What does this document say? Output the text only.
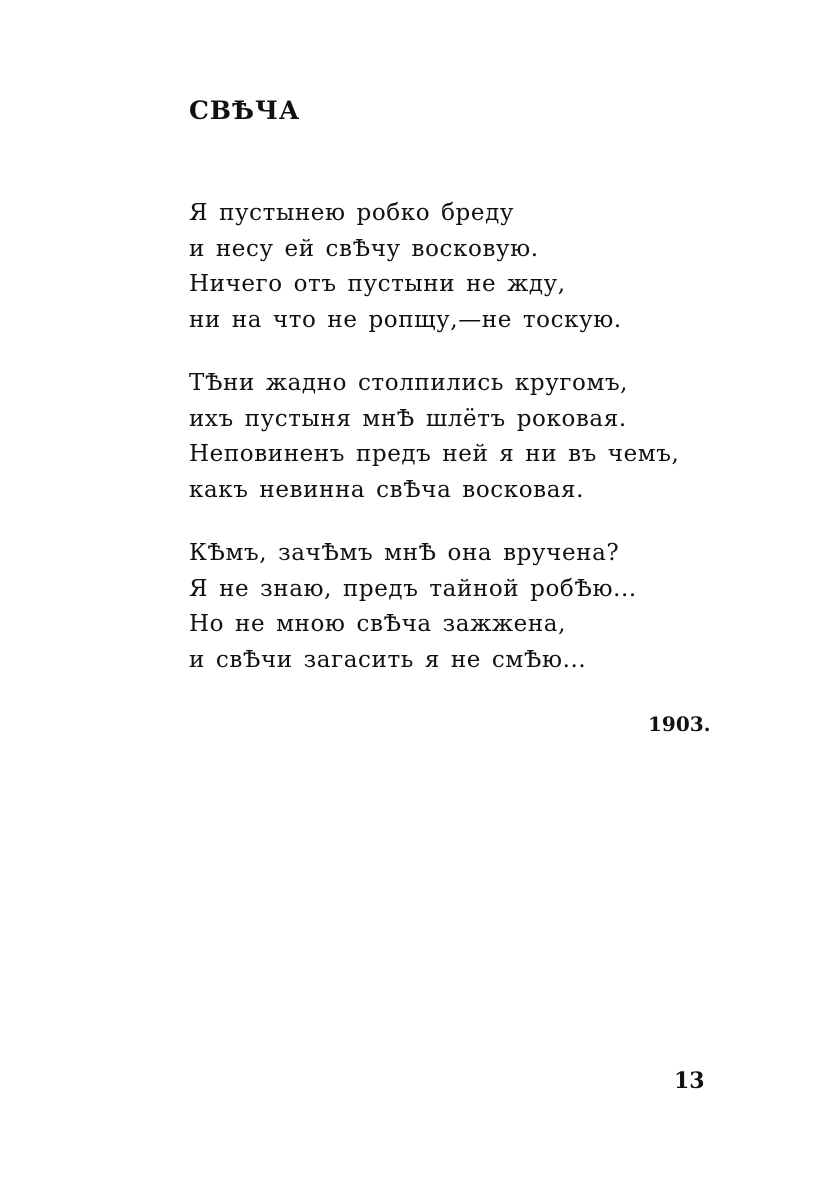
СВѢЧА
Я пустынею робко бреду
и несу ей свѢчу восковую.
Ничего отъ пустыни не жду,
ни на что не ропщу,—не тоскую.
ТѢни жадно столпились кругомъ,
ихъ пустыня мнѢ шлётъ роковая.
Неповиненъ предъ ней я ни въ чемъ,
какъ невинна свѢча восковая.
КѢмъ, зачѢмъ мнѢ она вручена?
Я не знаю, предъ тайной робѢю...
Но не мною свѢча зажжена,
и свѢчи загасить я не смѢю...
1903.
13
